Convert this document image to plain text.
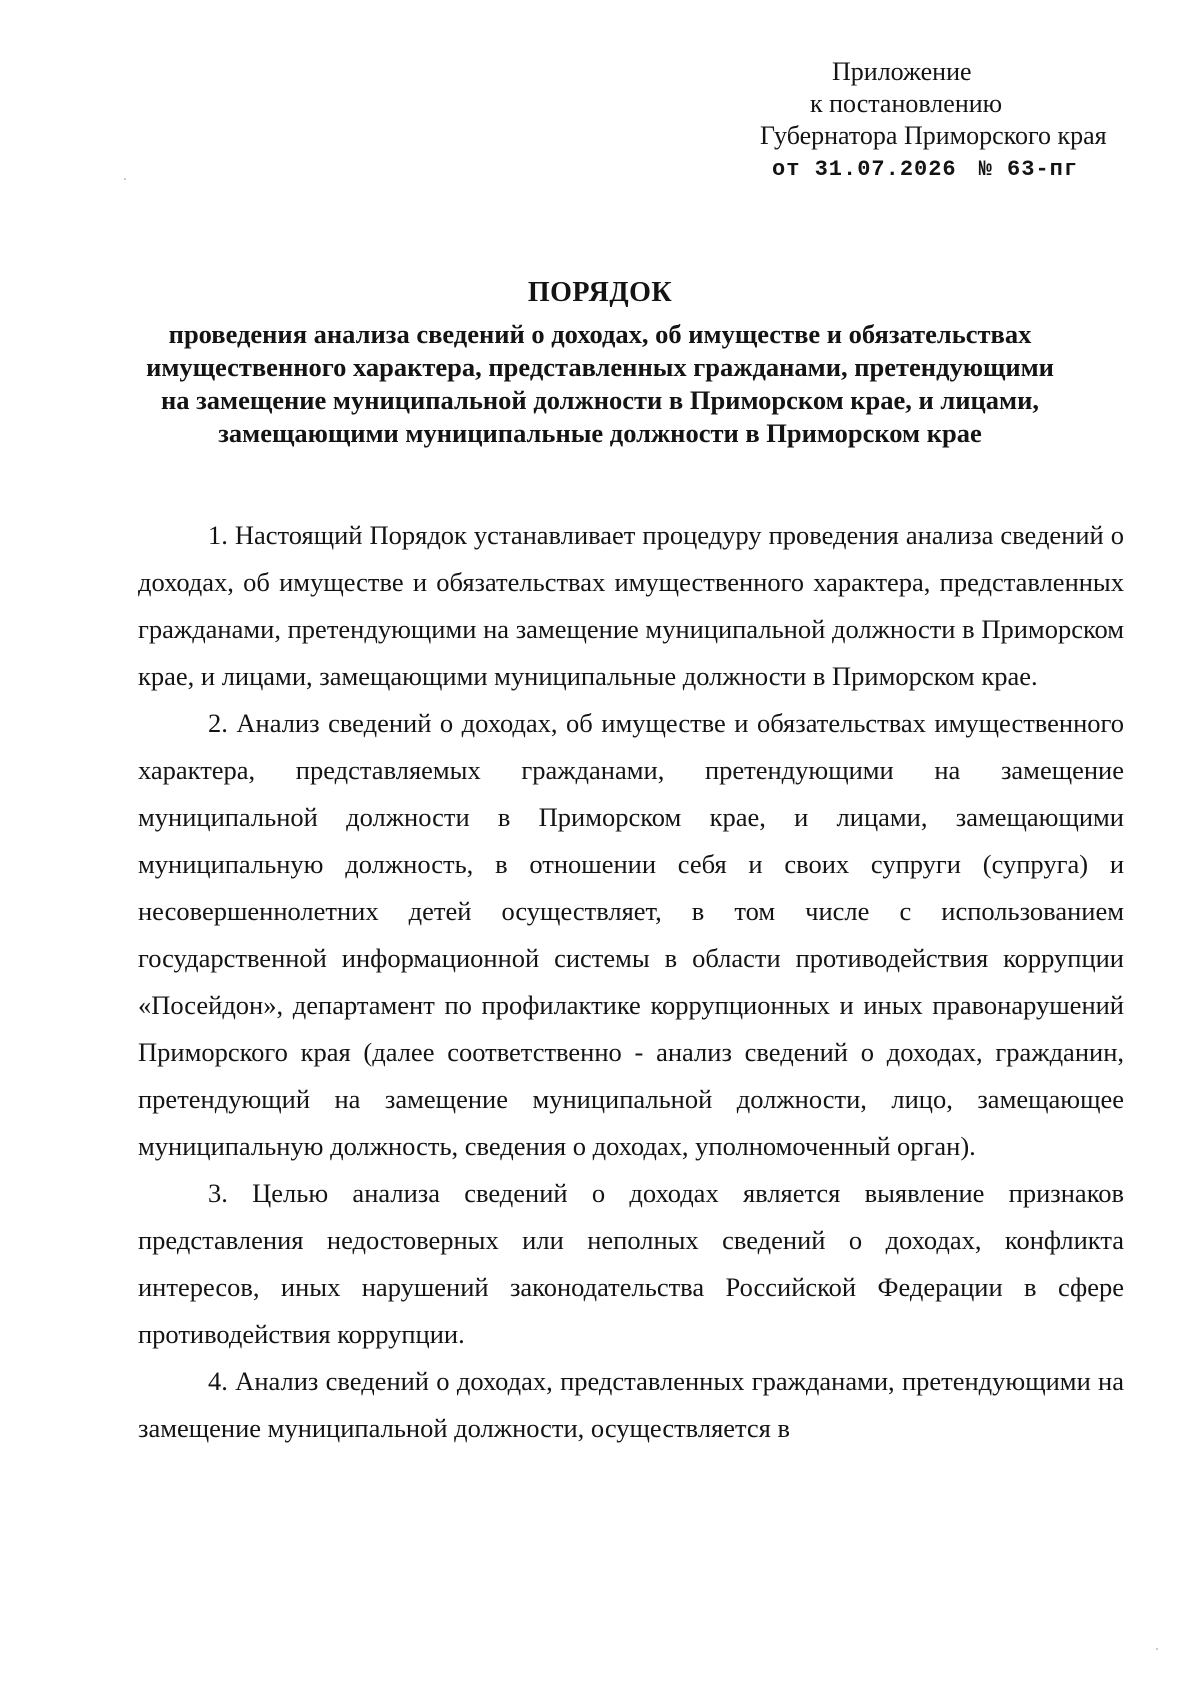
Приложение
к постановлению
Губернатора Приморского края
от 31.07.2026 № 63-пг
ПОРЯДОК
проведения анализа сведений о доходах, об имуществе и обязательствах имущественного характера, представленных гражданами, претендующими на замещение муниципальной должности в Приморском крае, и лицами, замещающими муниципальные должности в Приморском крае

1. Настоящий Порядок устанавливает процедуру проведения анализа сведений о доходах, об имуществе и обязательствах имущественного характера, представленных гражданами, претендующими на замещение муниципальной должности в Приморском крае, и лицами, замещающими муниципальные должности в Приморском крае.

2. Анализ сведений о доходах, об имуществе и обязательствах имущественного характера, представляемых гражданами, претендующими на замещение муниципальной должности в Приморском крае, и лицами, замещающими муниципальную должность, в отношении себя и своих супруги (супруга) и несовершеннолетних детей осуществляет, в том числе с использованием государственной информационной системы в области противодействия коррупции «Посейдон», департамент по профилактике коррупционных и иных правонарушений Приморского края (далее соответственно - анализ сведений о доходах, гражданин, претендующий на замещение муниципальной должности, лицо, замещающее муниципальную должность, сведения о доходах, уполномоченный орган).

3. Целью анализа сведений о доходах является выявление признаков представления недостоверных или неполных сведений о доходах, конфликта интересов, иных нарушений законодательства Российской Федерации в сфере противодействия коррупции.

4. Анализ сведений о доходах, представленных гражданами, претендующими на замещение муниципальной должности, осуществляется в
